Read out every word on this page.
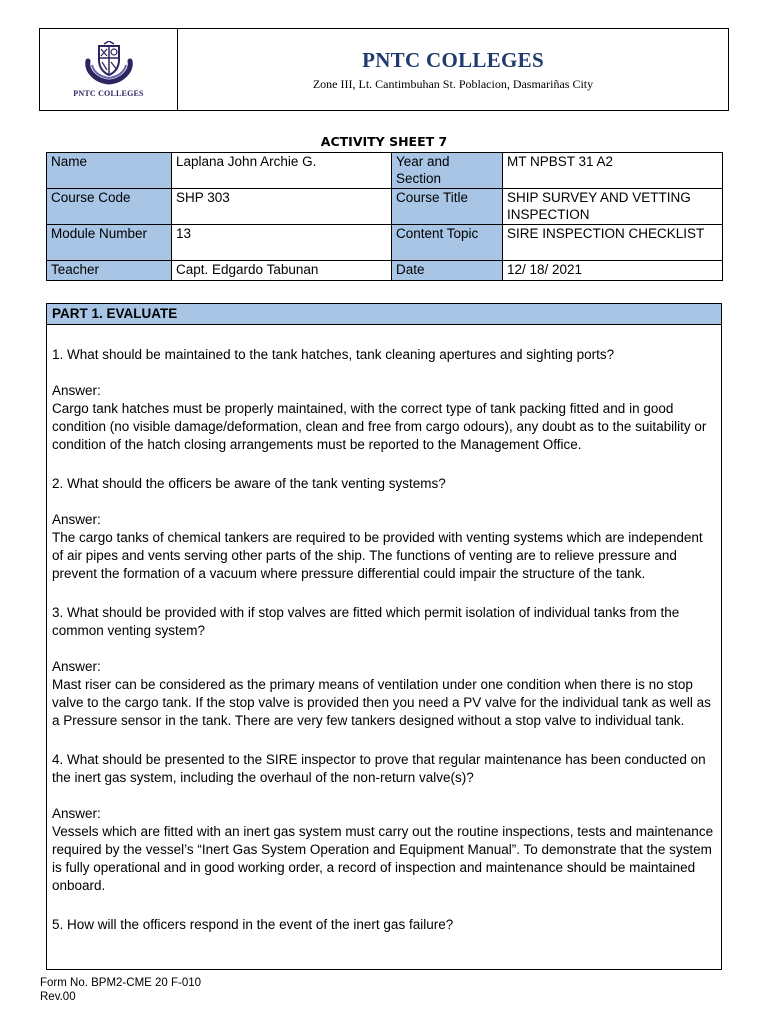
PNTC COLLEGES
PNTC COLLEGES
Zone III, Lt. Cantimbuhan St. Poblacion, Dasmariñas City
ACTIVITY SHEET 7
Name	Laplana John Archie G.	Year and Section	MT NPBST 31 A2
Course Code	SHP 303	Course Title	SHIP SURVEY AND VETTING INSPECTION
Module Number	13	Content Topic	SIRE INSPECTION CHECKLIST
Teacher	Capt. Edgardo Tabunan	Date	12/ 18/ 2021
PART 1. EVALUATE

1. What should be maintained to the tank hatches, tank cleaning apertures and sighting ports?

Answer:

Cargo tank hatches must be properly maintained, with the correct type of tank packing fitted and in good condition (no visible damage/deformation, clean and free from cargo odours), any doubt as to the suitability or condition of the hatch closing arrangements must be reported to the Management Office.

2. What should the officers be aware of the tank venting systems?

Answer:

The cargo tanks of chemical tankers are required to be provided with venting systems which are independent of air pipes and vents serving other parts of the ship. The functions of venting are to relieve pressure and prevent the formation of a vacuum where pressure differential could impair the structure of the tank.

3. What should be provided with if stop valves are fitted which permit isolation of individual tanks from the common venting system?

Answer:

Mast riser can be considered as the primary means of ventilation under one condition when there is no stop valve to the cargo tank. If the stop valve is provided then you need a PV valve for the individual tank as well as a Pressure sensor in the tank. There are very few tankers designed without a stop valve to individual tank.

4. What should be presented to the SIRE inspector to prove that regular maintenance has been conducted on the inert gas system, including the overhaul of the non-return valve(s)?

Answer:

Vessels which are fitted with an inert gas system must carry out the routine inspections, tests and maintenance required by the vessel’s “Inert Gas System Operation and Equipment Manual”. To demonstrate that the system is fully operational and in good working order, a record of inspection and maintenance should be maintained onboard.

5. How will the officers respond in the event of the inert gas failure?

Form No. BPM2-CME 20 F-010
Rev.00
